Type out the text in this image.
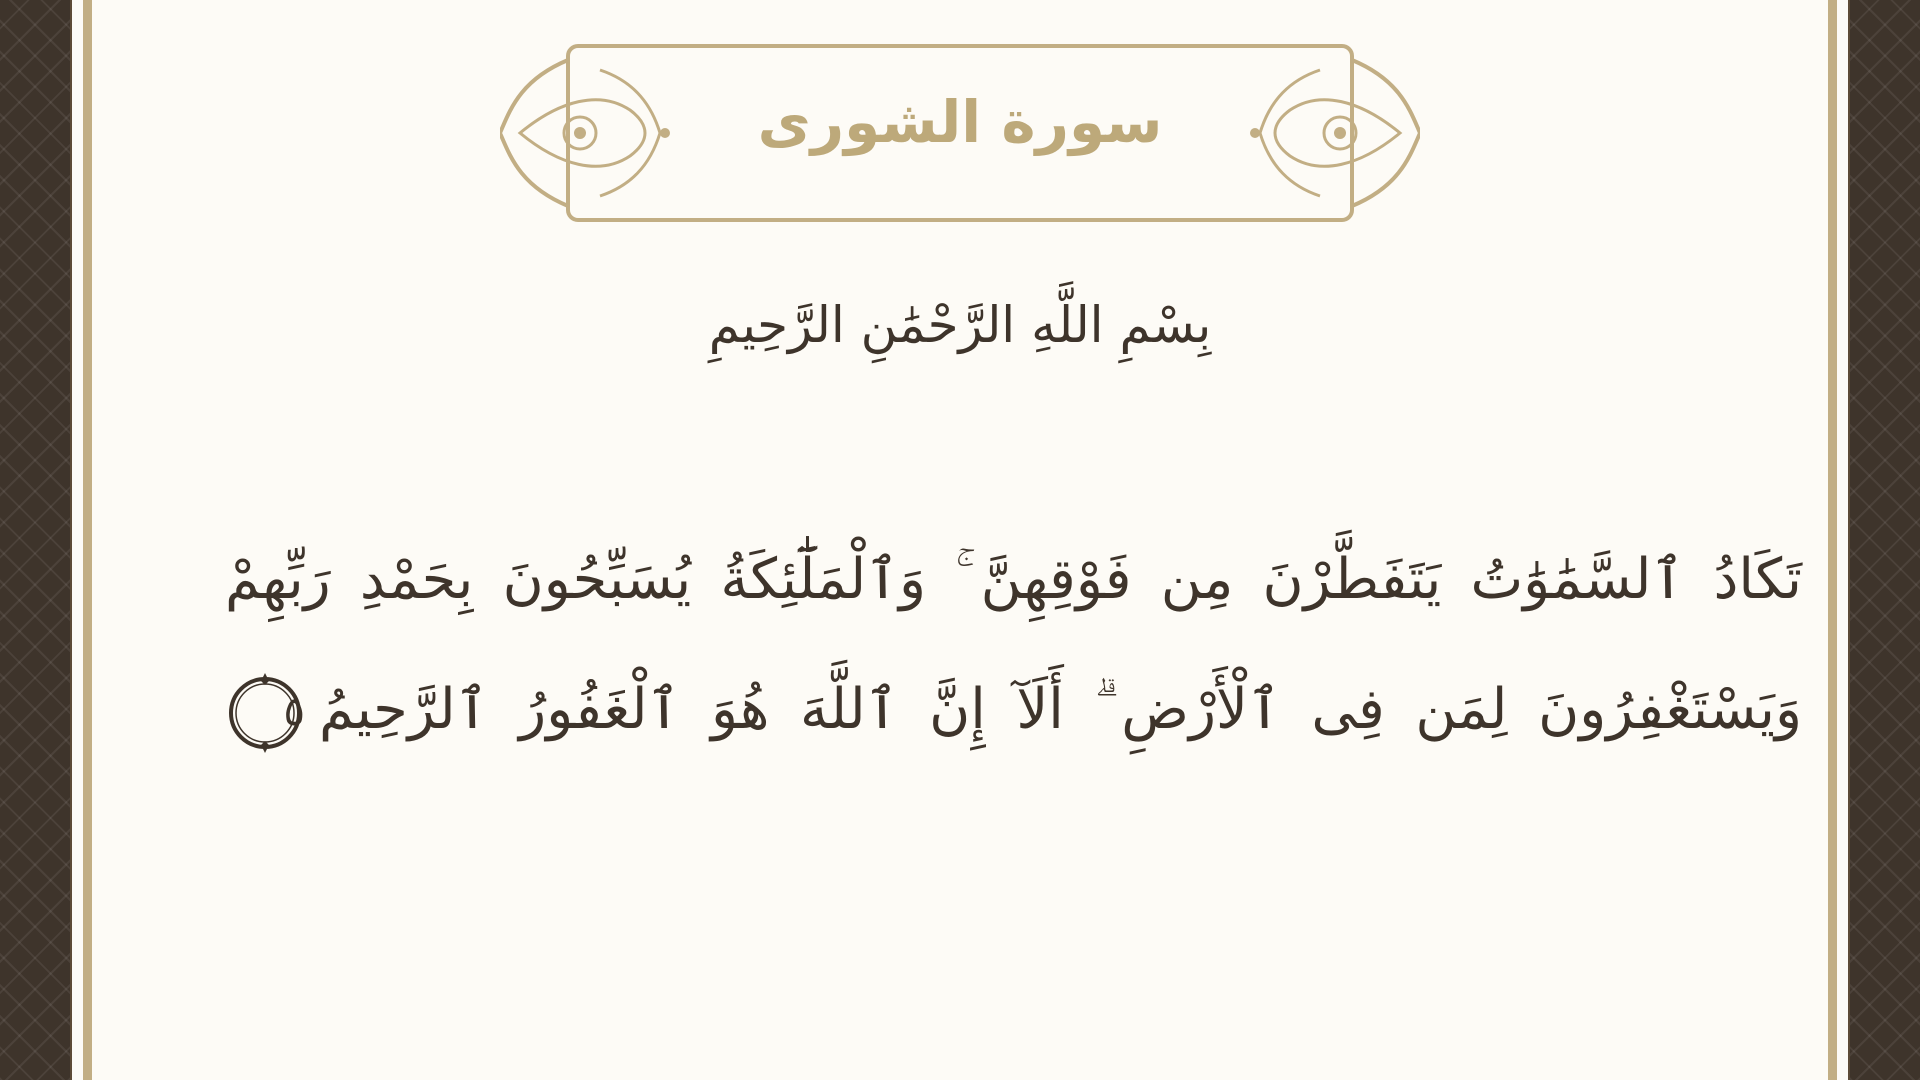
سورة الشورى
بِسْمِ اللَّهِ الرَّحْمَٰنِ الرَّحِيمِ
تَكَادُ ٱلسَّمَٰوَٰتُ يَتَفَطَّرْنَ مِن فَوْقِهِنَّ ۚ وَٱلْمَلَٰٓئِكَةُ يُسَبِّحُونَ بِحَمْدِ رَبِّهِمْ
وَيَسْتَغْفِرُونَ لِمَن فِى ٱلْأَرْضِ ۗ أَلَآ إِنَّ ٱللَّهَ هُوَ ٱلْغَفُورُ ٱلرَّحِيمُ
٥
